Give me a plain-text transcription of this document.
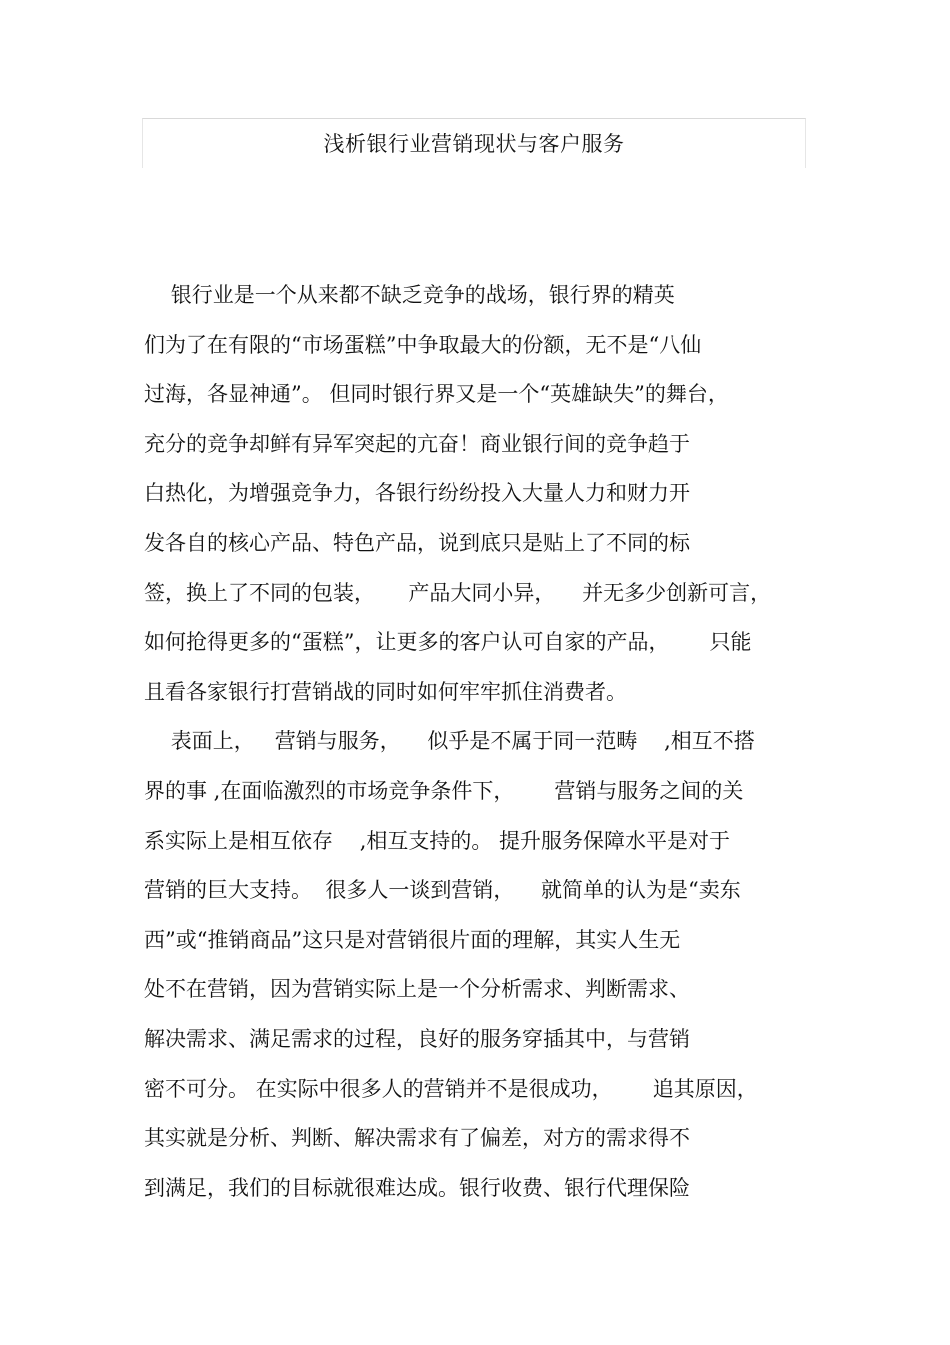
浅析银行业营销现状与客户服务
银行业是一个从来都不缺乏竞争的战场，银行界的精英
们为了在有限的“市场蛋糕”中争取最大的份额，无不是“八仙
过海，各显神通”。 但同时银行界又是一个“英雄缺失”的舞台，
充分的竞争却鲜有异军突起的亢奋！商业银行间的竞争趋于
白热化，为增强竞争力，各银行纷纷投入大量人力和财力开
发各自的核心产品、特色产品，说到底只是贴上了不同的标
签，换上了不同的包装，     产品大同小异，    并无多少创新可言，
如何抢得更多的“蛋糕”，让更多的客户认可自家的产品，      只能
且看各家银行打营销战的同时如何牢牢抓住消费者。
表面上，   营销与服务，    似乎是不属于同一范畴    ,相互不搭
界的事 ,在面临激烈的市场竞争条件下，      营销与服务之间的关
系实际上是相互依存    ,相互支持的。 提升服务保障水平是对于
营销的巨大支持。  很多人一谈到营销，    就简单的认为是“卖东
西”或“推销商品”这只是对营销很片面的理解，其实人生无
处不在营销，因为营销实际上是一个分析需求、判断需求、
解决需求、满足需求的过程，良好的服务穿插其中，与营销
密不可分。 在实际中很多人的营销并不是很成功，      追其原因，
其实就是分析、判断、解决需求有了偏差，对方的需求得不
到满足，我们的目标就很难达成。银行收费、银行代理保险
